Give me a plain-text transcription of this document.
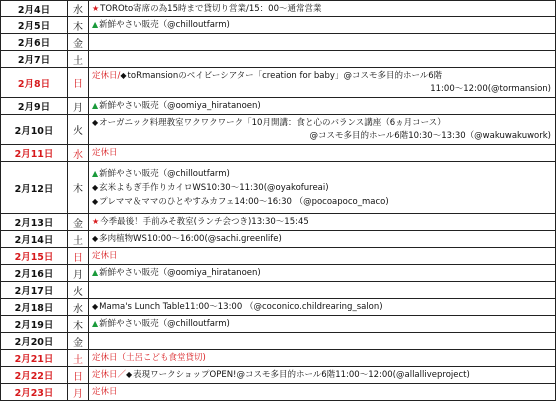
2月4日	水	★TOROto寄席の為15時まで貸切り営業/15：00～通常営業

2月5日	木	▲新鮮やさい販売（@chilloutfarm)

2月6日	金	
2月7日	土	
2月8日	日	定休日/◆toRmansionのベイビーシアター「creation for baby」@コスモ多目的ホール6階
11:00～12:00(@tormansion)

2月9日	月	▲新鮮やさい販売（@oomiya_hiratanoen)

2月10日	火	◆オーガニック料理教室ワクワクワーク「10月開講：食と心のバランス講座（6ヵ月コース）
@コスモ多目的ホール6階10:30～13:30（@wakuwakuwork)

2月11日	水	定休日

2月12日	木	▲新鮮やさい販売（@chilloutfarm)
◆玄米よもぎ手作りカイロWS10:30～11:30(@oyakofureai)
◆プレママ＆ママのひとやすみカフェ14:00～16:30 （@pocoapoco_maco)

2月13日	金	★今季最後！手前みそ教室(ランチ会つき)13:30～15:45

2月14日	土	◆多肉植物WS10:00～16:00(@sachi.greenlife)

2月15日	日	定休日

2月16日	月	▲新鮮やさい販売（@oomiya_hiratanoen)

2月17日	火	
2月18日	水	◆Mama's Lunch Table11:00～13:00 （@coconico.childrearing_salon)

2月19日	木	▲新鮮やさい販売（@chilloutfarm)

2月20日	金	
2月21日	土	定休日（土呂こども食堂貸切)

2月22日	日	定休日／◆表現ワークショップOPEN!@コスモ多目的ホール6階11:00～12:00(@allalliveproject)

2月23日	月	定休日
